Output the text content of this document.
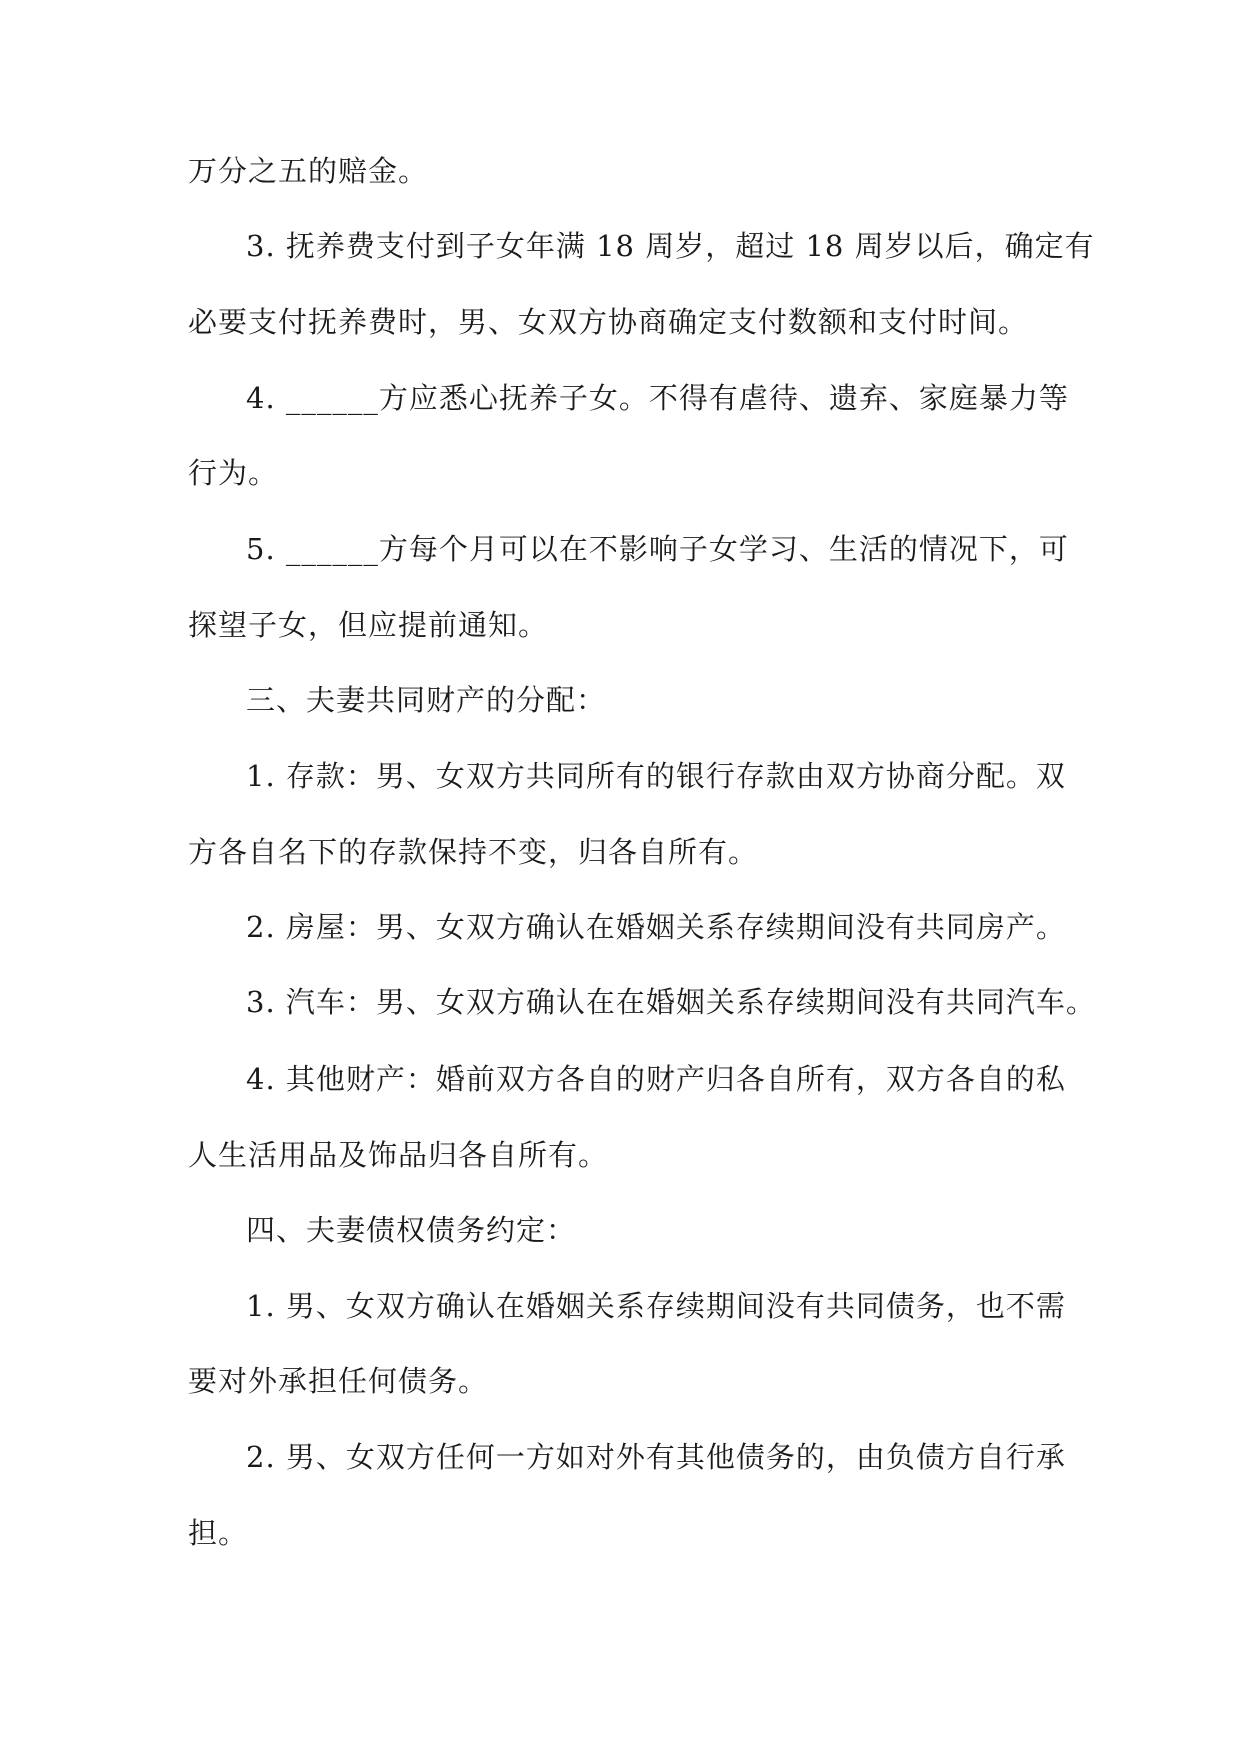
万分之五的赔金。
3. 抚养费支付到子女年满 18 周岁，超过 18 周岁以后，确定有
必要支付抚养费时，男、女双方协商确定支付数额和支付时间。
4. ______方应悉心抚养子女。不得有虐待、遗弃、家庭暴力等
行为。
5. ______方每个月可以在不影响子女学习、生活的情况下，可
探望子女，但应提前通知。
三、夫妻共同财产的分配：
1. 存款：男、女双方共同所有的银行存款由双方协商分配。双
方各自名下的存款保持不变，归各自所有。
2. 房屋：男、女双方确认在婚姻关系存续期间没有共同房产。
3. 汽车：男、女双方确认在在婚姻关系存续期间没有共同汽车。
4. 其他财产：婚前双方各自的财产归各自所有，双方各自的私
人生活用品及饰品归各自所有。
四、夫妻债权债务约定：
1. 男、女双方确认在婚姻关系存续期间没有共同债务，也不需
要对外承担任何债务。
2. 男、女双方任何一方如对外有其他债务的，由负债方自行承
担。
